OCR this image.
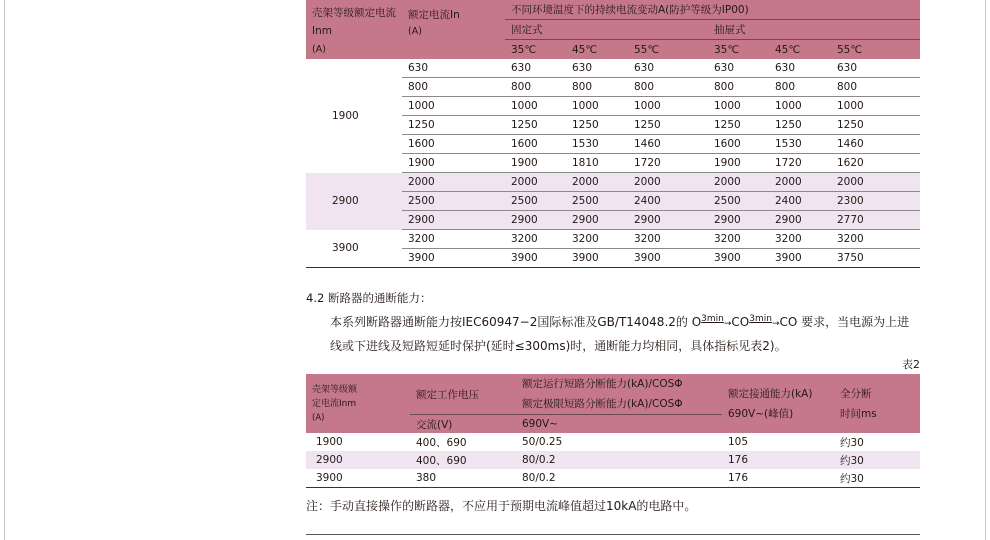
壳架等级额定电流Inm
(A)	额定电流In
(A)	不同环境温度下的持续电流变动A(防护等级为IP00)					
		固定式			抽屉式		
		35℃	45℃	55℃	35℃	45℃	55℃
1900	630	630	630	630	630	630	630
	800	800	800	800	800	800	800
	1000	1000	1000	1000	1000	1000	1000
	1250	1250	1250	1250	1250	1250	1250
	1600	1600	1530	1460	1600	1530	1460
	1900	1900	1810	1720	1900	1720	1620
2900	2000	2000	2000	2000	2000	2000	2000
	2500	2500	2500	2400	2500	2400	2300
	2900	2900	2900	2900	2900	2900	2770
3900	3200	3200	3200	3200	3200	3200	3200
	3900	3900	3900	3900	3900	3900	3750
4.2 断路器的通断能力：
本系列断路器通断能力按IEC60947−2国际标准及GB/T14048.2的 $O^{3min}\to CO^{3min}\to CO$ 要求，当电源为上进
线或下进线及短路短延时保护(延时≤300ms)时，通断能力均相同，具体指标见表2)。
表2
壳架等级额
定电流Inm
(A)	额定工作电压	额定运行短路分断能力(kA)/COSΦ
额定极限短路分断能力(kA)/COSΦ	额定接通能力(kA)
690V~(峰值)	全分断
时间ms
	交流(V)	690V~		
1900	400、690	50/0.25	105	约30
2900	400、690	80/0.2	176	约30
3900	380	80/0.2	176	约30
注：手动直接操作的断路器，不应用于预期电流峰值超过10kA的电路中。
